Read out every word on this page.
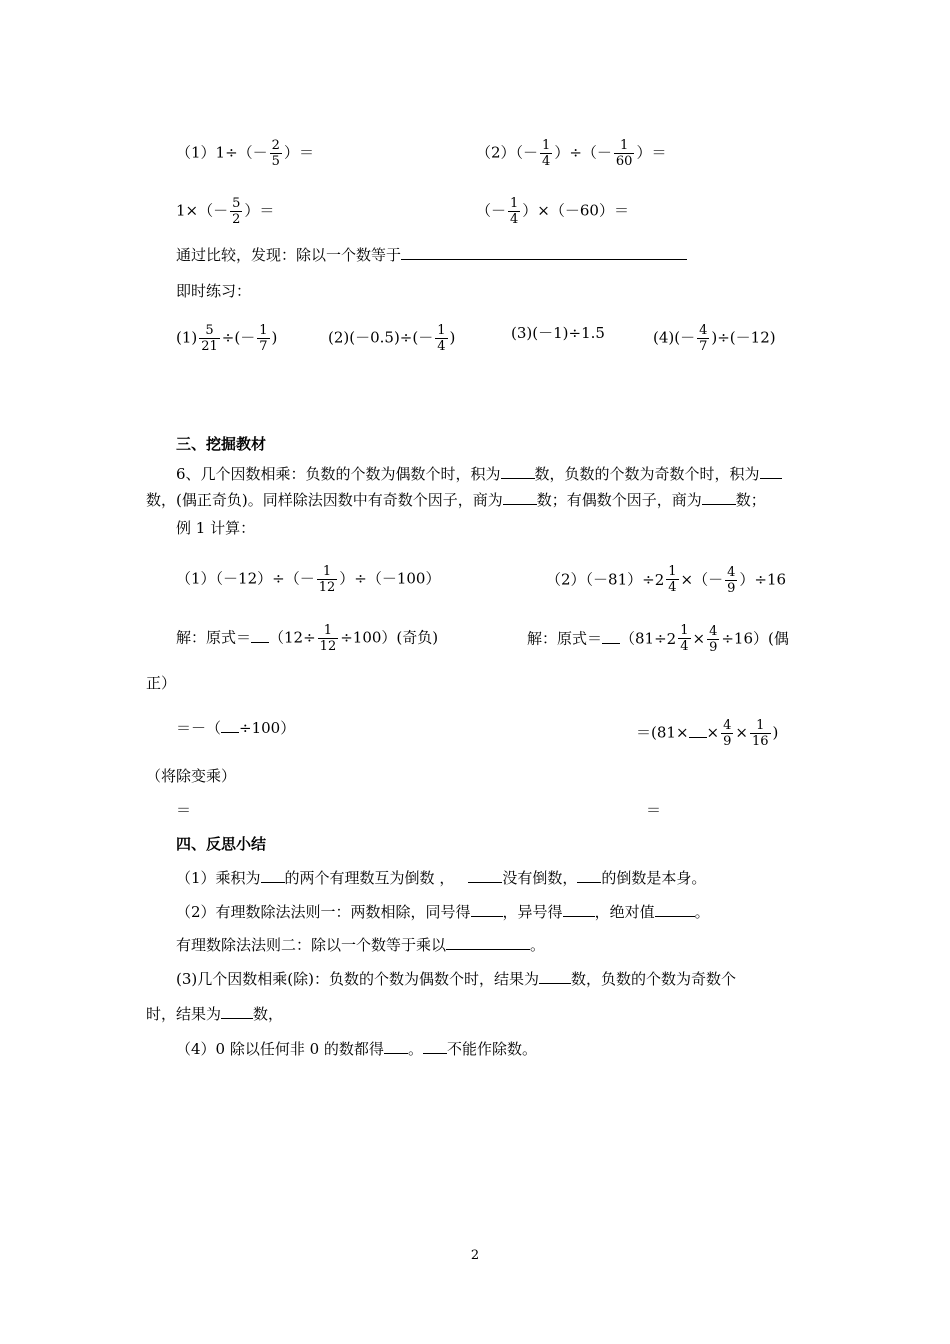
$(1)1\div(- \frac{2}{5}$ ）＝	$(2)(- \frac{1}{4}$ ）÷（－ $\frac{1}{60}$ ）＝
$1\times(- \frac{5}{2}$ ）＝	（－ $\frac{1}{4} )\times(-60)=$
通过比较，发现：除以一个数等于
即时练习：
$(1) \frac{5}{21}$ ÷(－ $\frac{1}{7}$ )	$(2)(-0.5)\div(- \frac{1}{4}$ )	(3)(－1)÷1.5	$(4)(- \frac{4}{7} )\div(-12)$
三、挖掘教材
6、几个因数相乘：负数的个数为偶数个时，积为 数，负数的个数为奇数个时，积为
数，(偶正奇负)。同样除法因数中有奇数个因子，商为 数；有偶数个因子，商为 数；
例 1 计算：
$(1)(-12)\div(- \frac{1}{12} )\div(-100)$	$(2)(-81)\div 2 \frac{1}{4}$ ×（－ $\frac{4}{9} )\div 16$
解：原式＝ $(12\div \frac{1}{12} \div 100)$(奇负)	解：原式＝ $(81\div 2 \frac{1}{4} \times \frac{4}{9} \div 16)$(偶
正）
＝－（ ÷100）	$=(81\times \times \frac{4}{9} \times \frac{1}{16}$ )
（将除变乘）
＝	＝
四、反思小结
（1）乘积为 的两个有理数互为倒数 ，	没有倒数， 的倒数是本身。
（2）有理数除法法则一：两数相除，同号得 ，异号得 ，绝对值	。
有理数除法法则二：除以一个数等于乘以	。
(3)几个因数相乘(除)：负数的个数为偶数个时，结果为 数，负数的个数为奇数个
时，结果为 数，
（4）0 除以任何非 0 的数都得 。 不能作除数。
2
